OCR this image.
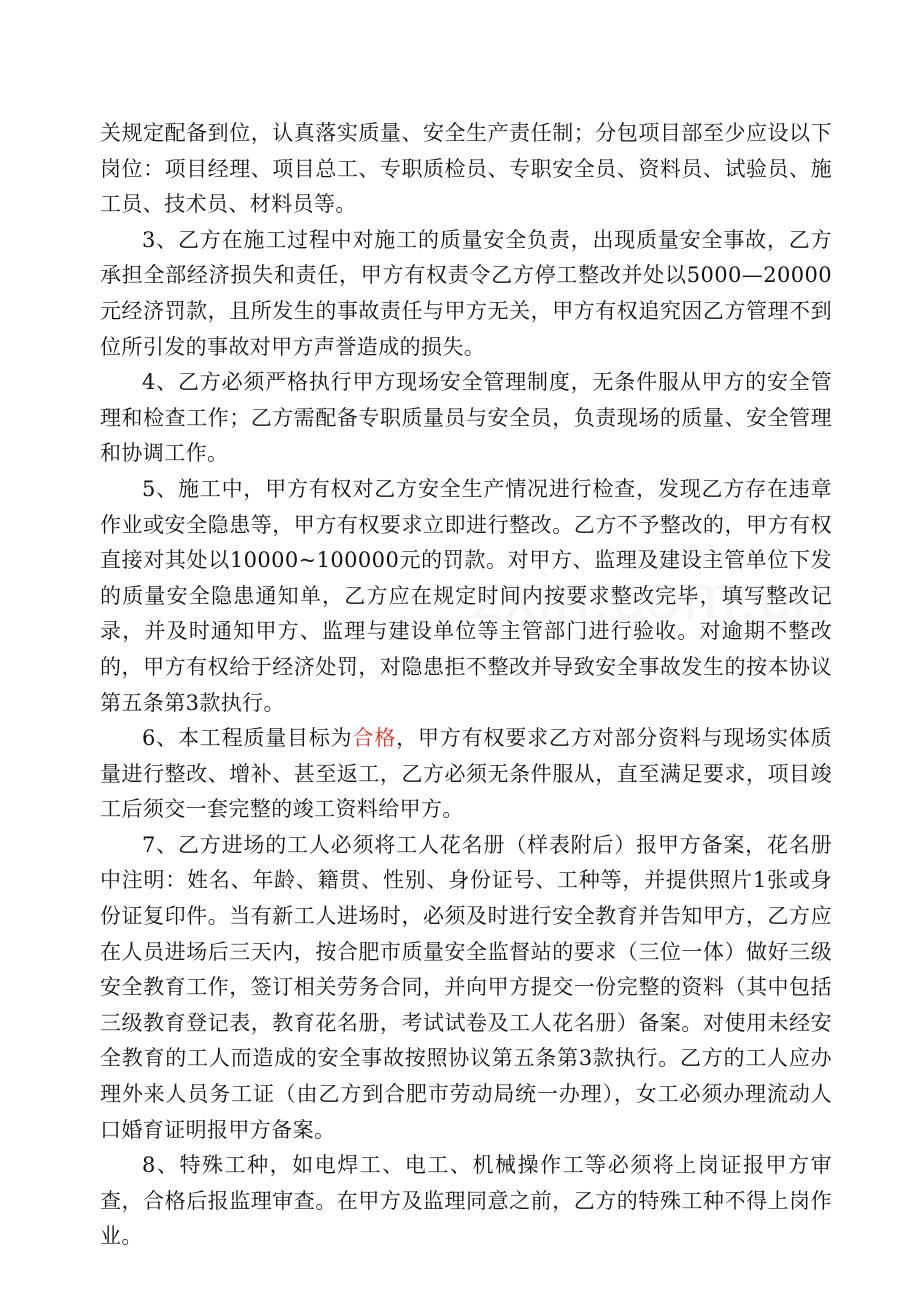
关规定配备到位，认真落实质量、安全生产责任制；分包项目部至少应设以下岗位：项目经理、项目总工、专职质检员、专职安全员、资料员、试验员、施工员、技术员、材料员等。

3、乙方在施工过程中对施工的质量安全负责，出现质量安全事故，乙方承担全部经济损失和责任，甲方有权责令乙方停工整改并处以5000—20000元经济罚款，且所发生的事故责任与甲方无关，甲方有权追究因乙方管理不到位所引发的事故对甲方声誉造成的损失。

4、乙方必须严格执行甲方现场安全管理制度，无条件服从甲方的安全管理和检查工作；乙方需配备专职质量员与安全员，负责现场的质量、安全管理和协调工作。

5、施工中，甲方有权对乙方安全生产情况进行检查，发现乙方存在违章作业或安全隐患等，甲方有权要求立即进行整改。乙方不予整改的，甲方有权直接对其处以10000~100000元的罚款。对甲方、监理及建设主管单位下发的质量安全隐患通知单，乙方应在规定时间内按要求整改完毕，填写整改记录，并及时通知甲方、监理与建设单位等主管部门进行验收。对逾期不整改的，甲方有权给于经济处罚，对隐患拒不整改并导致安全事故发生的按本协议第五条第3款执行。

6、本工程质量目标为合格，甲方有权要求乙方对部分资料与现场实体质量进行整改、增补、甚至返工，乙方必须无条件服从，直至满足要求，项目竣工后须交一套完整的竣工资料给甲方。

7、乙方进场的工人必须将工人花名册（样表附后）报甲方备案，花名册中注明：姓名、年龄、籍贯、性别、身份证号、工种等，并提供照片1张或身份证复印件。当有新工人进场时，必须及时进行安全教育并告知甲方，乙方应在人员进场后三天内，按合肥市质量安全监督站的要求（三位一体）做好三级安全教育工作，签订相关劳务合同，并向甲方提交一份完整的资料（其中包括三级教育登记表，教育花名册，考试试卷及工人花名册）备案。对使用未经安全教育的工人而造成的安全事故按照协议第五条第3款执行。乙方的工人应办理外来人员务工证（由乙方到合肥市劳动局统一办理），女工必须办理流动人口婚育证明报甲方备案。

8、特殊工种，如电焊工、电工、机械操作工等必须将上岗证报甲方审查，合格后报监理审查。在甲方及监理同意之前，乙方的特殊工种不得上岗作业。
